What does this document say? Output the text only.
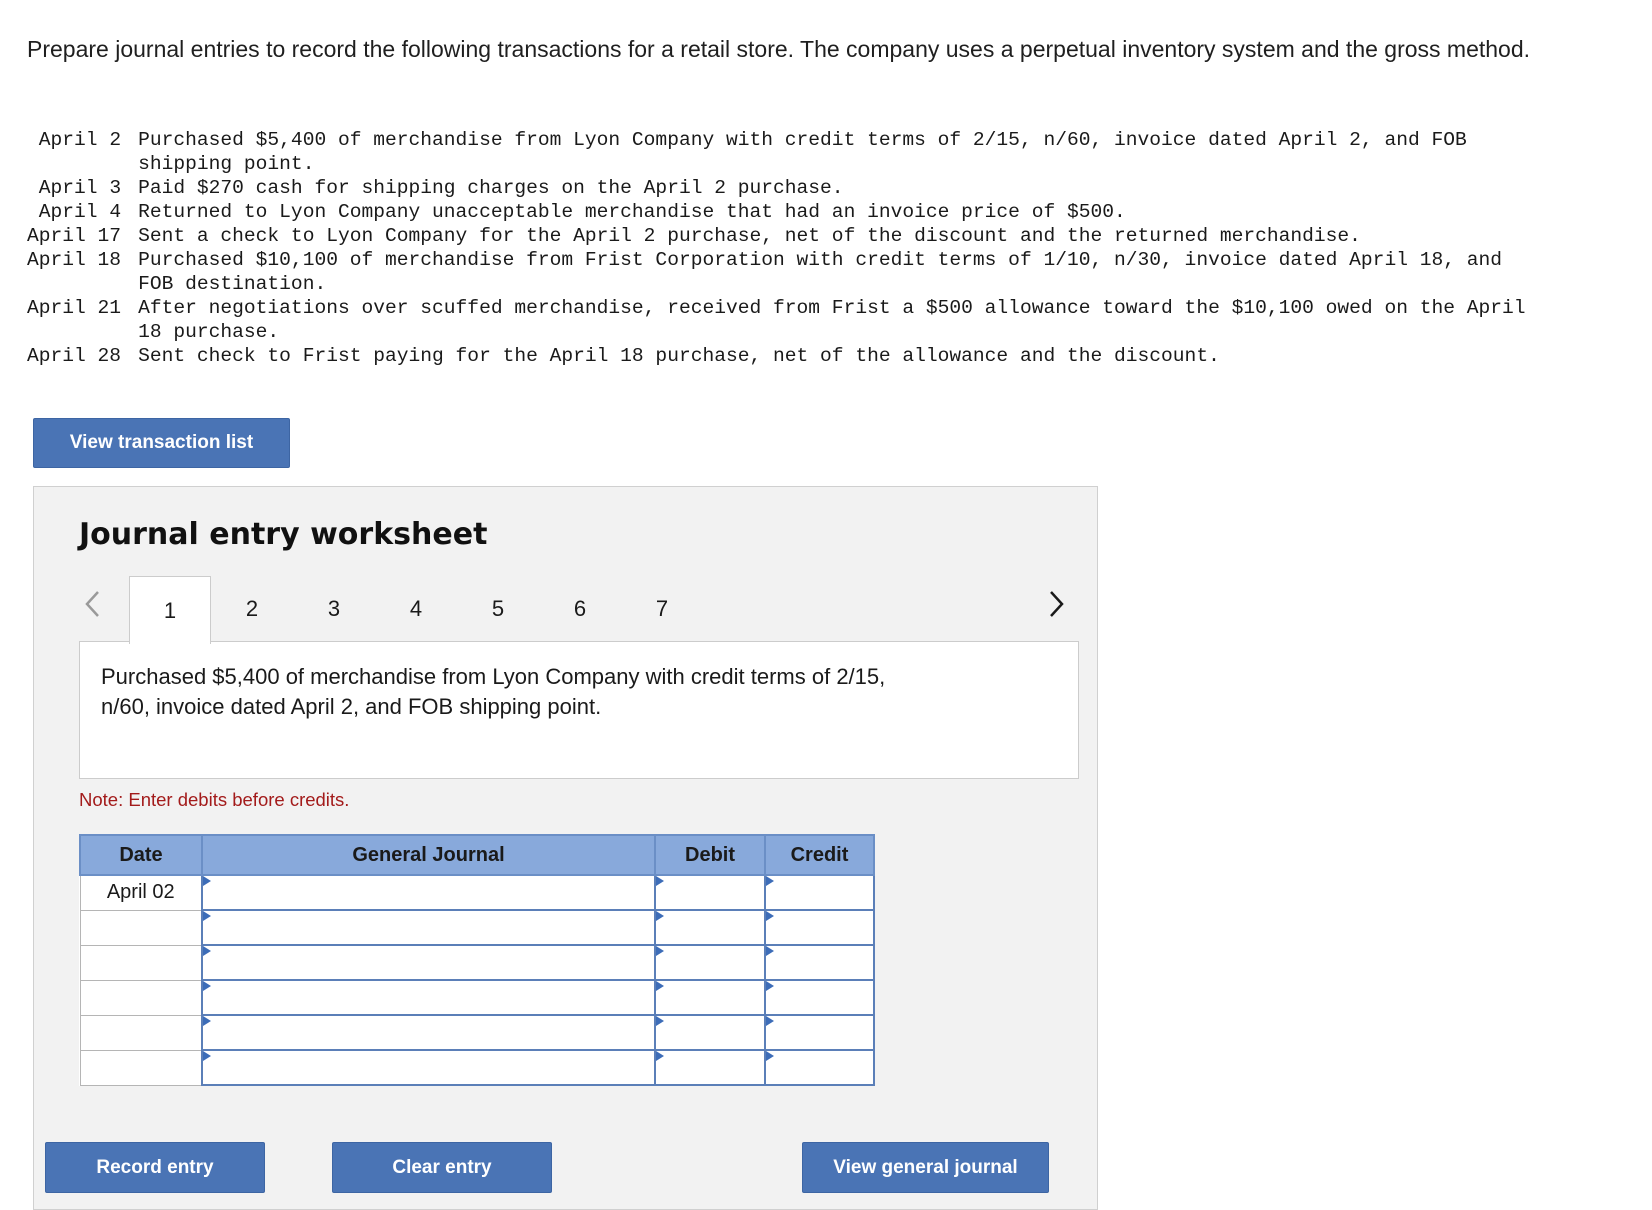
Prepare journal entries to record the following transactions for a retail store. The company uses a perpetual inventory system and the gross method.
April 2	Purchased $5,400 of merchandise from Lyon Company with credit terms of 2/15, n/60, invoice dated April 2, and FOB shipping point.
April 3	Paid $270 cash for shipping charges on the April 2 purchase.
April 4	Returned to Lyon Company unacceptable merchandise that had an invoice price of $500.
April 17	Sent a check to Lyon Company for the April 2 purchase, net of the discount and the returned merchandise.
April 18	Purchased $10,100 of merchandise from Frist Corporation with credit terms of 1/10, n/30, invoice dated April 18, and FOB destination.
April 21	After negotiations over scuffed merchandise, received from Frist a $500 allowance toward the $10,100 owed on the April 18 purchase.
April 28	Sent check to Frist paying for the April 18 purchase, net of the allowance and the discount.
View transaction list
Journal entry worksheet
1	2	3	4	5	6	7
Purchased $5,400 of merchandise from Lyon Company with credit terms of 2/15, n/60, invoice dated April 2, and FOB shipping point.
Note: Enter debits before credits.
Date	General Journal	Debit	Credit
April 02	

Record entry	Clear entry	View general journal
